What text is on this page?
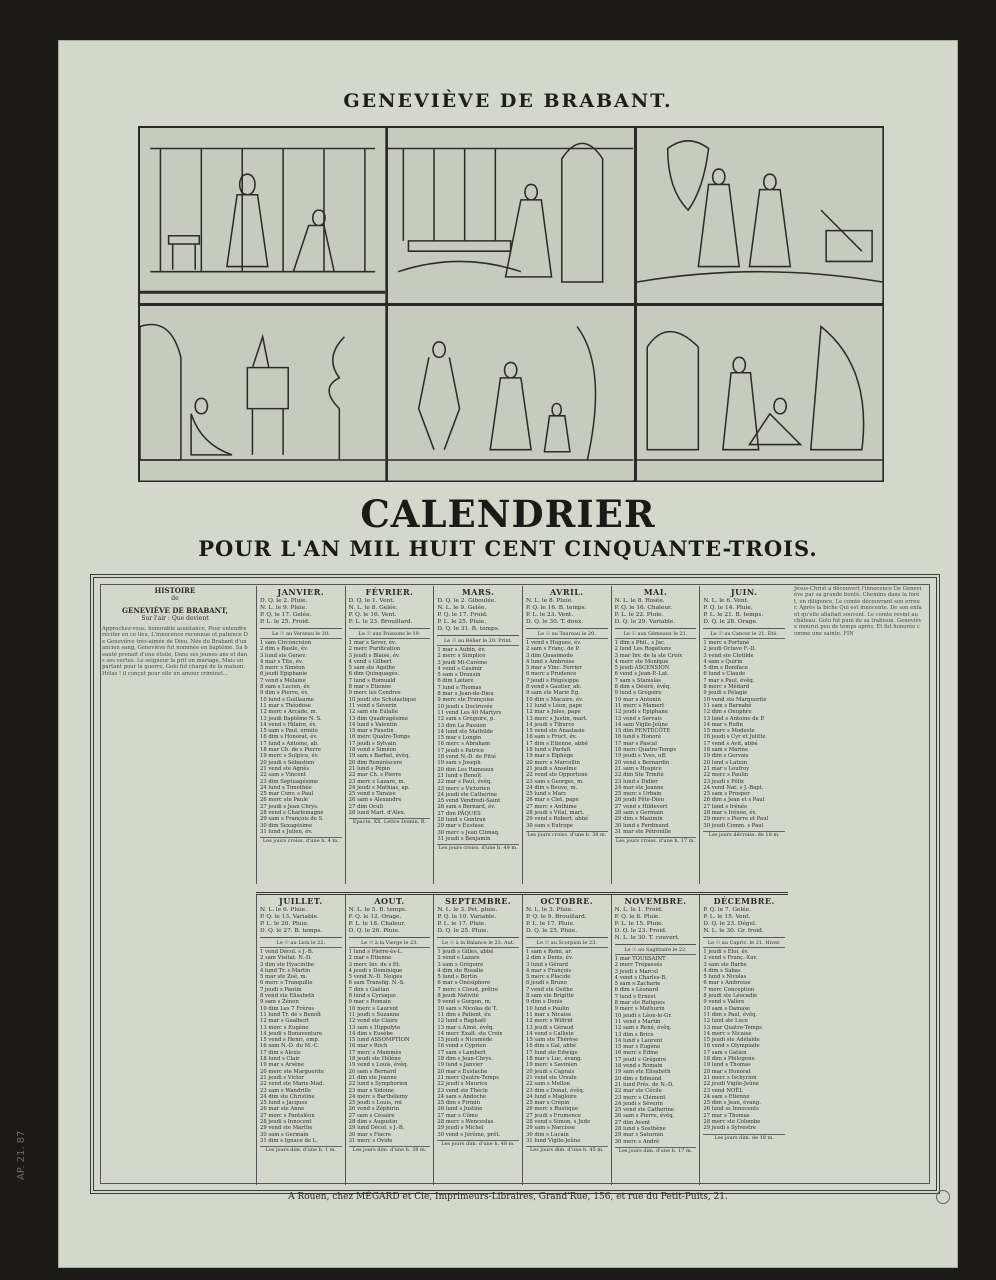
GENEVIÈVE DE BRABANT.
CALENDRIER
POUR L'AN MIL HUIT CENT CINQUANTE-TROIS.
HISTOIRE
de
GENEVIÈVE DE BRABANT,
Sur l'air : Que devient
Approchez-vous, honorable assistance, Pour entendre réciter en ce lieu, L'innocence reconnue et patience De Geneviève très-aimée de Dieu. Née du Brabant d'un ancien sang, Geneviève fut nommée en baptême. Sa beauté prenait d'une étoile, Dans ses jeunes ans et dans ses vertus. Le seigneur la prit en mariage, Mais en partant pour la guerre, Golo fut chargé de la maison. Hélas ! il conçut pour elle un amour criminel...
JANVIER.
D. Q. le 2. Pluie.
N. L. le 9. Pluie.
P. Q. le 17. Gelée.
P. L. le 25. Froid.
Le ☉ au Verseau le 20.
1 sam Circoncision
2 dim s Basile, év.
3 lund ste Genev.
4 mar s Tite, év.
5 merc s Siméon
6 jeudi Epiphanie
7 vend s Mélaine
8 sam s Lucien, év.
9 dim s Pierre, év.
10 lund s Guillaume
11 mar s Théodose
12 merc s Arcade, m.
13 jeudi Baptême N. S.
14 vend s Hilaire, év.
15 sam s Paul, ermite
16 dim s Honorat, év.
17 lund s Antoine, ab.
18 mar Ch. de s Pierre
19 merc s Sulpice, év.
20 jeudi s Sébastien
21 vend ste Agnès
22 sam s Vincent
23 dim Septuagésime
24 lund s Timothée
25 mar Conv. s Paul
26 merc ste Paule
27 jeudi s Jean Chrys.
28 vend s Charlemagne
29 sam s François de S.
30 dim Sexagésime
31 lund s Julien, év.
Les jours croiss. d'une h. 4 m.
FÉVRIER.
D. Q. le 1. Vent.
N. L. le 8. Gelée.
P. Q. le 16. Vent.
P. L. le 23. Brouillard.
Le ☉ aux Poissons le 19.
1 mar s Sever, év.
2 merc Purification
3 jeudi s Blaise, év.
4 vend s Gilbert
5 sam ste Agathe
6 dim Quinquagés.
7 lund s Romuald
8 mar s Etienne
9 merc les Cendres
10 jeudi ste Scholastique
11 vend s Séverin
12 sam ste Eulalie
13 dim Quadragésime
14 lund s Valentin
15 mar s Faustin
16 merc Quatre-Temps
17 jeudi s Sylvain
18 vend s Siméon
19 sam s Barbat, évêq.
20 dim Reminiscere
21 lund s Pépin
22 mar Ch. s Pierre
23 merc s Lazare, m.
24 jeudi s Mathias, ap.
25 vend s Taraise
26 sam s Alexandre
27 dim Oculi
28 lund Mart. d'Alex.
Epacte. XX. Lettre Domin. B.
MARS.
D. Q. le 2. Giboulée.
N. L. le 9. Gelée.
P. Q. le 17. Froid.
P. L. le 25. Pluie.
D. Q. le 31. B. temps.
Le ☉ au Bélier le 20. Print.
1 mar s Aubin, év.
2 merc s Simplice
3 jeudi Mi-Carême
4 vend s Casimir
5 sam s Drausin
6 dim Lætare
7 lund s Thomas
8 mar s Jean-de-Dieu
9 merc ste Françoise
10 jeudi s Doctrovée
11 vend Les 40 Martyrs
12 sam s Grégoire, p.
13 dim La Passion
14 lund ste Mathilde
15 mar s Longin
16 merc s Abraham
17 jeudi s Patrice
18 vend N.-D. de Pitié
19 sam s Joseph
20 dim Les Rameaux
21 lund s Benoît
22 mar s Paul, évêq.
23 merc s Victorien
24 jeudi ste Catherine
25 vend Vendredi-Saint
26 sam s Bernard, év.
27 dim PÂQUES
28 lund s Gontran
29 mar s Eustase
30 merc s Jean Climaq.
31 jeudi s Benjamin
Les jours croiss. d'une h. 49 m.
AVRIL.
N. L. le 8. Pluie.
P. Q. le 16. B. temps.
P. L. le 23. Vent.
D. Q. le 30. T. doux.
Le ☉ au Taureau le 20.
1 vend s Hugues, év.
2 sam s Franç. de P.
3 dim Quasimodo
4 lund s Ambroise
5 mar s Vinc. Ferrier
6 merc s Prudence
7 jeudi s Hégésippe
8 vend s Gautier, ab.
9 sam ste Marie Ég.
10 dim s Macaire, év.
11 lund s Léon, pape
12 mar s Jules, pape
13 merc s Justin, mart.
14 jeudi s Tiburce
15 vend ste Anastasie
16 sam s Fruct, év.
17 dim s Etienne, abbé
18 lund s Parfait
19 mar s Elphège
20 merc s Marcellin
21 jeudi s Anselme
22 vend ste Opportune
23 sam s Georges, m.
24 dim s Beuve, m.
25 lund s Marc
26 mar s Clet, pape
27 merc s Anthime
28 jeudi s Vital, mart.
29 vend s Robert, abbé
30 sam s Eutrope
Les jours croiss. d'une h. 38 m.
MAI.
N. L. le 8. Rosée.
P. Q. le 16. Chaleur.
P. L. le 22. Pluie.
D. Q. le 29. Variable.
Le ☉ aux Gémeaux le 21.
1 dim s Phil., s Jac.
2 lund Les Rogations
3 mar Inv. de la ste Croix
4 merc ste Monique
5 jeudi ASCENSION
6 vend s Jean-P.-Lat.
7 sam s Stanislas
8 dim s Désiré, évêq.
9 lund s Grégoire
10 mar s Antonin
11 merc s Mamert
12 jeudi s Epiphane
13 vend s Servais
14 sam Vigile-Jeûne
15 dim PENTECÔTE
16 lund s Honoré
17 mar s Pascal
18 merc Quatre-Temps
19 jeudi s Yves, off.
20 vend s Bernardin
21 sam s Hospice
22 dim Ste Trinité
23 lund s Didier
24 mar ste Jeanne
25 merc s Urbain
26 jeudi Fête-Dieu
27 vend s Hildevert
28 sam s Germain
29 dim s Maximin
30 lund s Ferdinand
31 mar ste Pétronille
Les jours croiss. d'une h. 17 m.
JUIN.
N. L. le 6. Vent.
P. Q. le 14. Pluie.
P. L. le 21. B. temps.
D. Q. le 28. Orage.
Le ☉ au Cancer le 21. Été.
1 merc s Fortuné
2 jeudi Octave F.-D.
3 vend ste Clotilde
4 sam s Quirin
5 dim s Boniface
6 lund s Claude
7 mar s Paul, évêq.
8 merc s Médard
9 jeudi s Pélagie
10 vend ste Marguerite
11 sam s Barnabé
12 dim s Onuphre
13 lund s Antoine de P.
14 mar s Rufin
15 merc s Modeste
16 jeudi s Cyr et Julitte
17 vend s Avit, abbé
18 sam s Marine
19 dim s Gervais
20 lund s Latuin
21 mar s Leufroy
22 merc s Paulin
23 jeudi s Félix
24 vend Nat. s J.-Bapt.
25 sam s Prosper
26 dim s Jean et s Paul
27 lund s Irénée
28 mar s Irénée, év.
29 merc s Pierre et Paul
30 jeudi Comm. s Paul
Les jours décroiss. de 18 m.
JUILLET.
N. L. le 6. Pluie.
P. Q. le 13. Variable.
P. L. le 20. Pluie.
D. Q. le 27. B. temps.
Le ☉ au Lion le 22.
1 vend Décol. s J.-B.
2 sam Visitat. N.-D.
3 dim ste Hyacinthe
4 lund Tr. s Martin
5 mar ste Zoé, m.
6 merc s Tranquille
7 jeudi s Pantin
8 vend ste Elisabeth
9 sam s Zénon
10 dim Les 7 Frères
11 lund Tr. de s Benoît
12 mar s Gualbert
13 merc s Eugène
14 jeudi s Bonaventure
15 vend s Henri, emp.
16 sam N.-D. du M.-C.
17 dim s Alexis
18 lund s Clair
19 mar s Arsène
20 merc ste Marguerite
21 jeudi s Victor
22 vend ste Marie-Mad.
23 sam s Wandrille
24 dim ste Christine
25 lund s Jacques
26 mar ste Anne
27 merc s Pantaléon
28 jeudi s Innocent
29 vend ste Marthe
30 sam s Germain
31 dim s Ignace de L.
Les jours dim. d'une h. 1 m.
AOUT.
N. L. le 5. B. temps.
P. Q. le 12. Orage.
P. L. le 18. Chaleur.
D. Q. le 26. Pluie.
Le ☉ à la Vierge le 23.
1 lund s Pierre-ès-L.
2 mar s Etienne
3 merc Inv. de s Et.
4 jeudi s Dominique
5 vend N.-D. Neiges
6 sam Transfig. N.-S.
7 dim s Gaétan
8 lund s Cyriaque
9 mar s Romain
10 merc s Laurent
11 jeudi s Suzanne
12 vend ste Claire
13 sam s Hippolyte
14 dim s Eusèbe
15 lund ASSOMPTION
16 mar s Roch
17 merc s Mammès
18 jeudi ste Hélène
19 vend s Louis, évêq.
20 sam s Bernard
21 dim ste Jeanne
22 lund s Symphorien
23 mar s Sidoine
24 merc s Barthélemy
25 jeudi s Louis, roi
26 vend s Zéphirin
27 sam s Césaire
28 dim s Augustin
29 lund Décol. s J.-B.
30 mar s Fiacre
31 merc s Ovide
Les jours dim. d'une h. 38 m.
SEPTEMBRE.
N. L. le 3. Pet. pluie.
P. Q. le 10. Variable.
P. L. le 17. Pluie.
D. Q. le 25. Pluie.
Le ☉ à la Balance le 23. Aut.
1 jeudi s Gilles, abbé
2 vend s Lazare
3 sam s Grégoire
4 dim ste Rosalie
5 lund s Bertin
6 mar s Onésiphore
7 merc s Cloud, prêtre
8 jeudi Nativité
9 vend s Gorgon, m.
10 sam s Nicolas de T.
11 dim s Patient, év.
12 lund s Raphaël
13 mar s Aimé, évêq.
14 merc Exalt. ste Croix
15 jeudi s Nicomède
16 vend s Cyprien
17 sam s Lambert
18 dim s Jean-Chrys.
19 lund s Janvier
20 mar s Eustache
21 merc Quatre-Temps
22 jeudi s Maurice
23 vend ste Thècle
24 sam s Andoche
25 dim s Firmin
26 lund s Justine
27 mar s Côme
28 merc s Wenceslas
29 jeudi s Michel
30 vend s Jérôme, prêt.
Les jours dim. d'une h. 48 m.
OCTOBRE.
N. L. le 3. Pluie.
P. Q. le 9. Brouillard.
P. L. le 17. Pluie.
D. Q. le 25. Pluie.
Le ☉ au Scorpion le 23.
1 sam s Remi, ar.
2 dim s Denis, év.
3 lund s Gérard
4 mar s François
5 merc s Placide
6 jeudi s Bruno
7 vend ste Osithe
8 sam ste Brigitte
9 dim s Denis
10 lund s Paulin
11 mar s Nicaise
12 merc s Wilfrid
13 jeudi s Géraud
14 vend s Calliste
15 sam ste Thérèse
16 dim s Gal, abbé
17 lund ste Edwige
18 mar s Luc, évang.
19 merc s Savinien
20 jeudi s Caprais
21 vend ste Ursule
22 sam s Mellon
23 dim s Donat, évêq.
24 lund s Magloire
25 mar s Crépin
26 merc s Rustique
27 jeudi s Frumence
28 vend s Simon, s Jude
29 sam s Narcisse
30 dim s Lucain
31 lund Vigile-Jeûne
Les jours dim. d'une h. 45 m.
NOVEMBRE.
N. L. le 1. Froid.
P. Q. le 8. Pluie.
P. L. le 15. Pluie.
D. Q. le 23. Froid.
N. L. le 30. T. couvert.
Le ☉ au Sagittaire le 22.
1 mar TOUSSAINT
2 merc Trépassés
3 jeudi s Marcel
4 vend s Charles-B.
5 sam s Zacharie
6 dim s Léonard
7 lund s Ernest
8 mar ste Reliques
9 merc s Mathurin
10 jeudi s Léon-le-Gr.
11 vend s Martin
12 sam s René, évêq.
13 dim s Brice
14 lund s Laurent
15 mar s Eugène
16 merc s Edme
17 jeudi s Grégoire
18 vend s Romain
19 sam ste Elisabeth
20 dim s Edmond
21 lund Prés. de N.-D.
22 mar ste Cécile
23 merc s Clément
24 jeudi s Séverin
25 vend ste Catherine
26 sam s Pierre, évêq.
27 dim Avent
28 lund s Sosthène
29 mar s Saturnin
30 merc s André
Les jours dim. d'une h. 17 m.
DÉCEMBRE.
P. Q. le 7. Gelée.
P. L. le 15. Vent.
D. Q. le 23. Dégel.
N. L. le 30. Gr. froid.
Le ☉ au Capric. le 21. Hiver.
1 jeudi s Eloi, év.
2 vend s Franç.-Xav.
3 sam ste Barbe
4 dim s Sabas
5 lund s Nicolas
6 mar s Ambroise
7 merc Conception
8 jeudi ste Léocadie
9 vend s Valère
10 sam s Damase
11 dim s Paul, évêq.
12 lund ste Luce
13 mar Quatre-Temps
14 merc s Nicaise
15 jeudi ste Adélaïde
16 vend s Olympiade
17 sam s Gatien
18 dim s Philogone
19 lund s Thomas
20 mar s Honorat
21 merc s Ischyrion
22 jeudi Vigile-Jeûne
23 vend NOËL
24 sam s Etienne
25 dim s Jean, évang.
26 lund ss Innocents
27 mar s Thomas
28 merc ste Colombe
29 jeudi s Sylvestre
Les jours dim. de 18 m.
Jésus-Christ a découvert l'innocence De Geneviève par sa grande bonté. Chemins dans la forêt, en diligence, Le comte découvrant son erreur. Après la biche Qui est innocente. De son enfant qu'elle allaitait souvent. Le comte revint au château. Golo fut puni de sa trahison. Geneviève mourut peu de temps après, Et fut honorée comme une sainte. FIN
A Rouen, chez MÉGARD et Cie, Imprimeurs-Libraires, Grand'Rue, 156, et rue du Petit-Puits, 21.
AP. 21. 87
